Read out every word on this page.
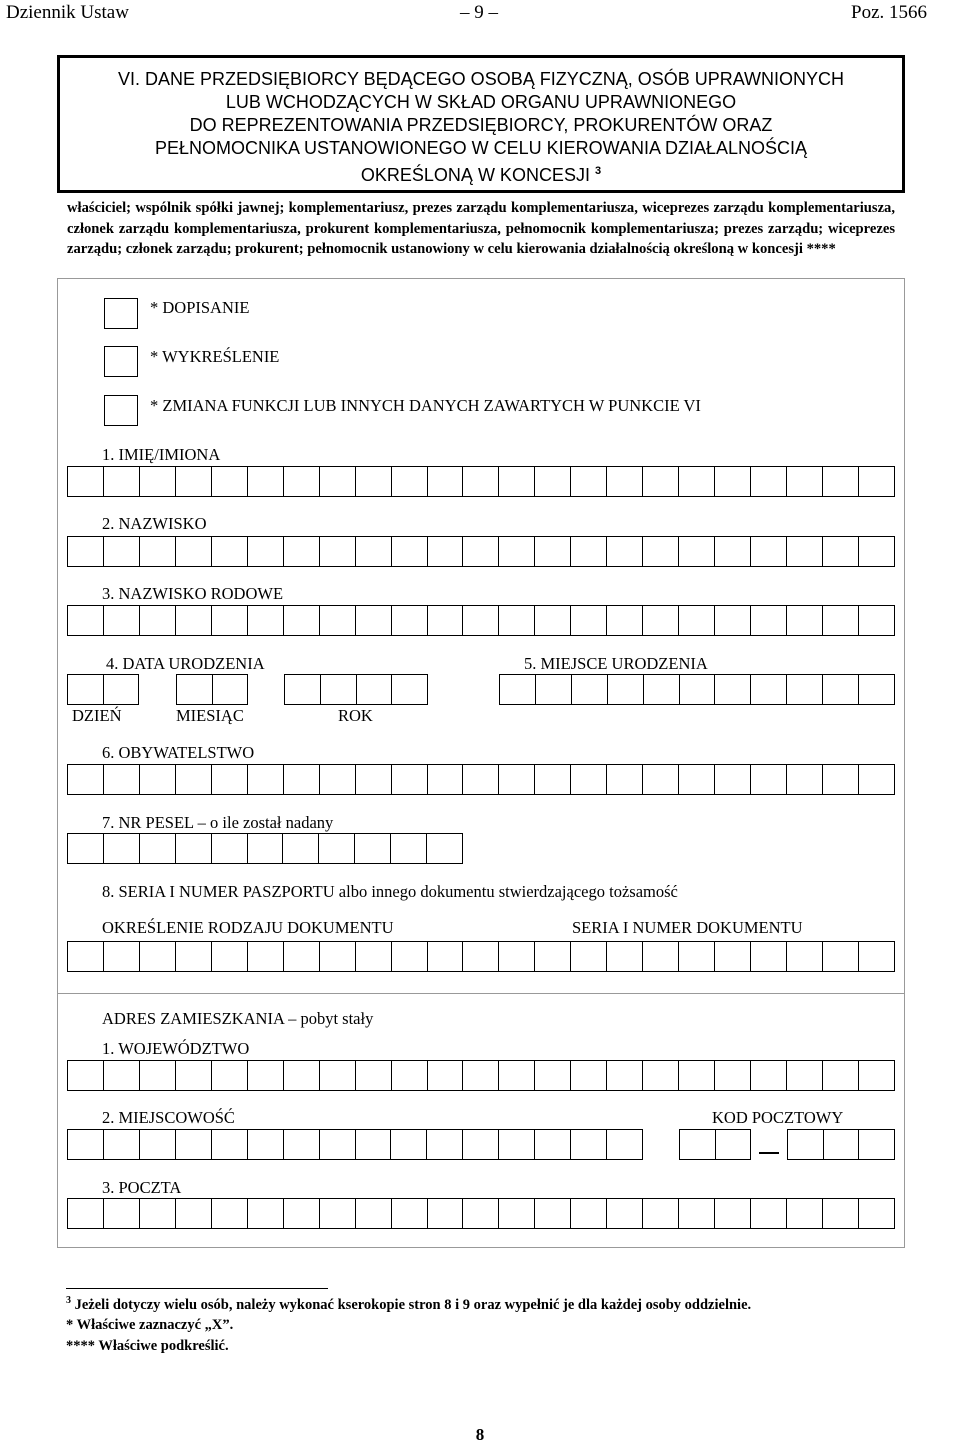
Dziennik Ustaw	– 9 –	Poz. 1566
VI. DANE PRZEDSIĘBIORCY BĘDĄCEGO OSOBĄ FIZYCZNĄ, OSÓB UPRAWNIONYCH
LUB WCHODZĄCYCH W SKŁAD ORGANU UPRAWNIONEGO
DO REPREZENTOWANIA PRZEDSIĘBIORCY, PROKURENTÓW ORAZ
PEŁNOMOCNIKA USTANOWIONEGO W CELU KIEROWANIA DZIAŁALNOŚCIĄ
OKREŚLONĄ W KONCESJI $^3$
właściciel; wspólnik spółki jawnej; komplementariusz, prezes zarządu komplementariusza, wiceprezes zarządu komplementariusza, członek zarządu komplementariusza, prokurent komplementariusza, pełnomocnik komplementariusza; prezes zarządu; wiceprezes zarządu; członek zarządu; prokurent; pełnomocnik ustanowiony w celu kierowania działalnością określoną w koncesji ****
* DOPISANIE
* WYKREŚLENIE
* ZMIANA FUNKCJI LUB INNYCH DANYCH ZAWARTYCH W PUNKCIE VI
1. IMIĘ/IMIONA
2. NAZWISKO
3. NAZWISKO RODOWE
4. DATA URODZENIA	5. MIEJSCE URODZENIA
DZIEŃ	MIESIĄC	ROK
6. OBYWATELSTWO
7. NR PESEL – o ile został nadany
8. SERIA I NUMER PASZPORTU albo innego dokumentu stwierdzającego tożsamość
OKREŚLENIE RODZAJU DOKUMENTU	SERIA I NUMER DOKUMENTU
ADRES ZAMIESZKANIA – pobyt stały
1. WOJEWÓDZTWO
2. MIEJSCOWOŚĆ	KOD POCZTOWY
3. POCZTA
$^3$ Jeżeli dotyczy wielu osób, należy wykonać kserokopie stron 8 i 9 oraz wypełnić je dla każdej osoby oddzielnie.
* Właściwe zaznaczyć „X”.
**** Właściwe podkreślić.
8
